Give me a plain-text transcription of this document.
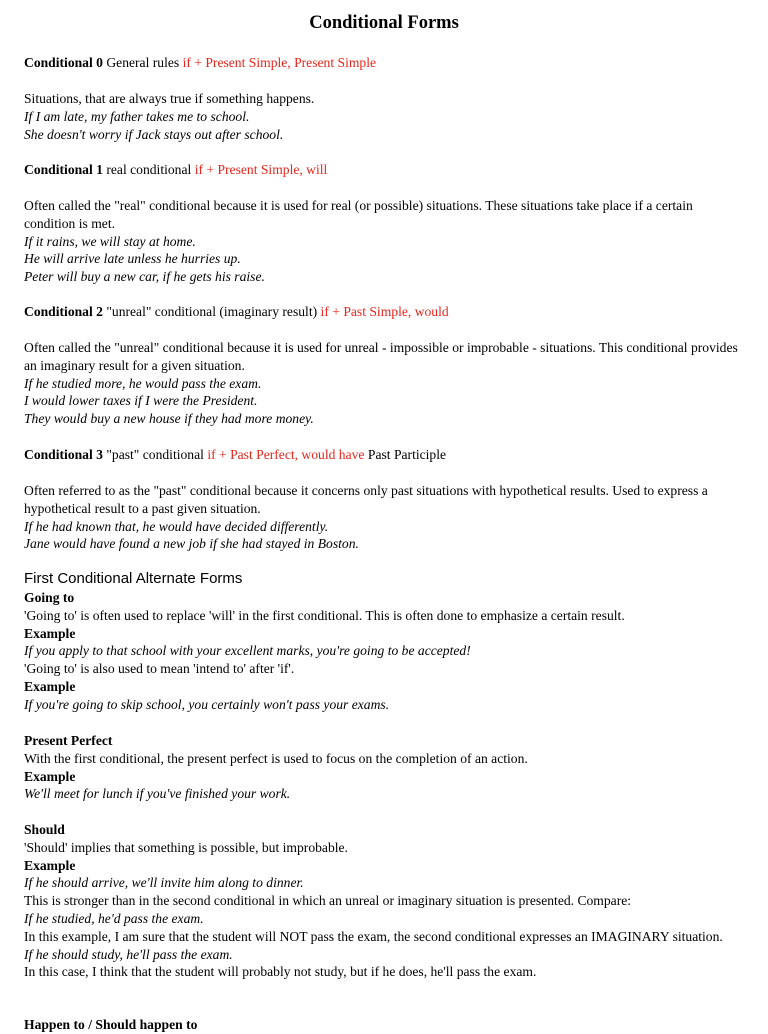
Conditional Forms
Conditional 0 General rules if + Present Simple, Present Simple

Situations, that are always true if something happens.

If I am late, my father takes me to school.

She doesn't worry if Jack stays out after school.

Conditional 1 real conditional if + Present Simple, will

Often called the "real" conditional because it is used for real (or possible) situations. These situations take place if a certain condition is met.

If it rains, we will stay at home.

He will arrive late unless he hurries up.

Peter will buy a new car, if he gets his raise.

Conditional 2 "unreal" conditional (imaginary result) if + Past Simple, would

Often called the "unreal" conditional because it is used for unreal - impossible or improbable - situations. This conditional provides an imaginary result for a given situation.

If he studied more, he would pass the exam.

I would lower taxes if I were the President.

They would buy a new house if they had more money.

Conditional 3 "past" conditional if + Past Perfect, would have Past Participle

Often referred to as the "past" conditional because it concerns only past situations with hypothetical results. Used to express a hypothetical result to a past given situation.

If he had known that, he would have decided differently.

Jane would have found a new job if she had stayed in Boston.

First Conditional Alternate Forms

Going to

'Going to' is often used to replace 'will' in the first conditional. This is often done to emphasize a certain result.

Example

If you apply to that school with your excellent marks, you're going to be accepted!

'Going to' is also used to mean 'intend to' after 'if'.

Example

If you're going to skip school, you certainly won't pass your exams.

Present Perfect

With the first conditional, the present perfect is used to focus on the completion of an action.

Example

We'll meet for lunch if you've finished your work.

Should

'Should' implies that something is possible, but improbable.

Example

If he should arrive, we'll invite him along to dinner.

This is stronger than in the second conditional in which an unreal or imaginary situation is presented. Compare:

If he studied, he'd pass the exam.

In this example, I am sure that the student will NOT pass the exam, the second conditional expresses an IMAGINARY situation.

If he should study, he'll pass the exam.

In this case, I think that the student will probably not study, but if he does, he'll pass the exam.

Happen to / Should happen to
